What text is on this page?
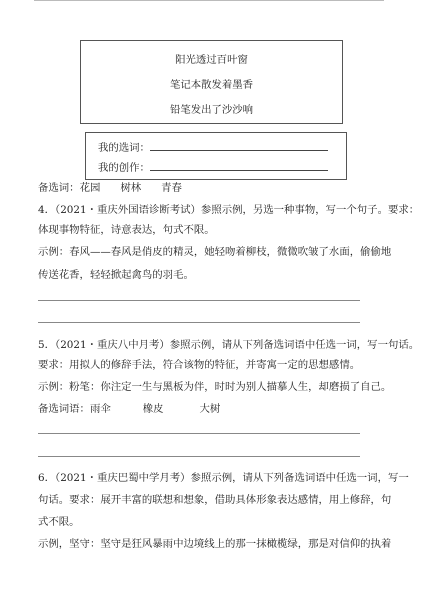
阳光透过百叶窗
笔记本散发着墨香
铅笔发出了沙沙响
我的选词：
我的创作：
备选词：花园 树林 青春
4．（2021・重庆外国语诊断考试）参照示例，另选一种事物，写一个句子。要求：
体现事物特征，诗意表达，句式不限。
示例：春风——春风是俏皮的精灵，她轻吻着柳枝，微微吹皱了水面，偷偷地
传送花香，轻轻掀起禽鸟的羽毛。
5．（2021・重庆八中月考）参照示例，请从下列备选词语中任选一词，写一句话。
要求：用拟人的修辞手法，符合该物的特征，并寄寓一定的思想感情。
示例：粉笔：你注定一生与黑板为伴，时时为别人描摹人生，却磨损了自己。
备选词语：雨伞	橡皮	大树
6．（2021・重庆巴蜀中学月考）参照示例，请从下列备选词语中任选一词，写一
句话。要求：展开丰富的联想和想象，借助具体形象表达感情，用上修辞，句
式不限。
示例，坚守：坚守是狂风暴雨中边境线上的那一抹橄榄绿，那是对信仰的执着
